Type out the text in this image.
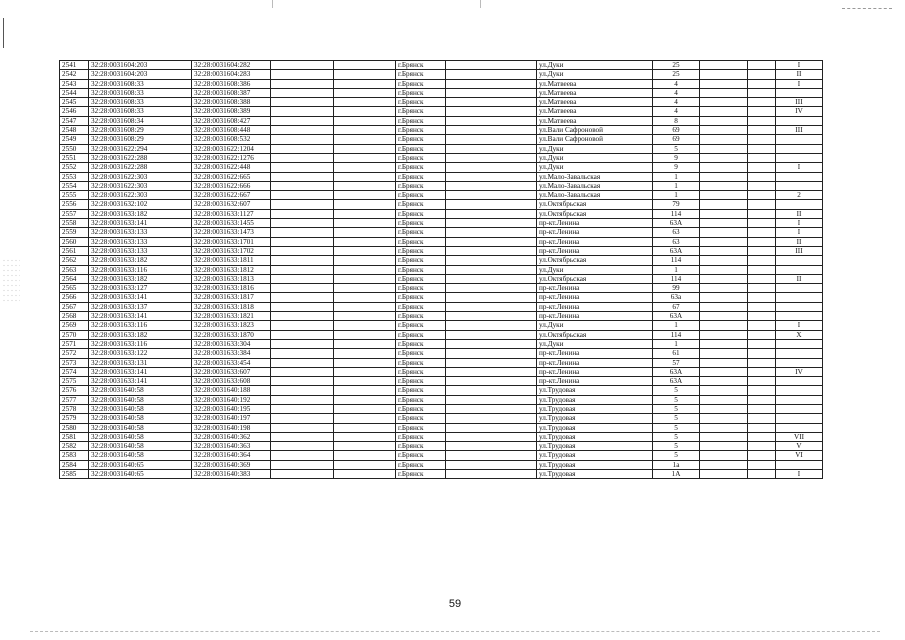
2541	32:28:0031604:203	32:28:0031604:282			г.Брянск		ул.Дуки	25			I
2542	32:28:0031604:203	32:28:0031604:283			г.Брянск		ул.Дуки	25			II
2543	32:28:0031608:33	32:28:0031608:386			г.Брянск		ул.Матвеева	4			I
2544	32:28:0031608:33	32:28:0031608:387			г.Брянск		ул.Матвеева	4			
2545	32:28:0031608:33	32:28:0031608:388			г.Брянск		ул.Матвеева	4			III
2546	32:28:0031608:33	32:28:0031608:389			г.Брянск		ул.Матвеева	4			IV
2547	32:28:0031608:34	32:28:0031608:427			г.Брянск		ул.Матвеева	8			
2548	32:28:0031608:29	32:28:0031608:448			г.Брянск		ул.Вали Сафроновой	69			III
2549	32:28:0031608:29	32:28:0031608:532			г.Брянск		ул.Вали Сафроновой	69			
2550	32:28:0031622:294	32:28:0031622:1204			г.Брянск		ул.Дуки	5			
2551	32:28:0031622:288	32:28:0031622:1276			г.Брянск		ул.Дуки	9			
2552	32:28:0031622:288	32:28:0031622:448			г.Брянск		ул.Дуки	9			I
2553	32:28:0031622:303	32:28:0031622:665			г.Брянск		ул.Мало-Завальская	1			
2554	32:28:0031622:303	32:28:0031622:666			г.Брянск		ул.Мало-Завальская	1			
2555	32:28:0031622:303	32:28:0031622:667			г.Брянск		ул.Мало-Завальская	1			2
2556	32:28:0031632:102	32:28:0031632:607			г.Брянск		ул.Октябрьская	79			
2557	32:28:0031633:182	32:28:0031633:1127			г.Брянск		ул.Октябрьская	114			II
2558	32:28:0031633:141	32:28:0031633:1455			г.Брянск		пр-кт.Ленина	63А			I
2559	32:28:0031633:133	32:28:0031633:1473			г.Брянск		пр-кт.Ленина	63			I
2560	32:28:0031633:133	32:28:0031633:1701			г.Брянск		пр-кт.Ленина	63			II
2561	32:28:0031633:133	32:28:0031633:1702			г.Брянск		пр-кт.Ленина	63А			III
2562	32:28:0031633:182	32:28:0031633:1811			г.Брянск		ул.Октябрьская	114			
2563	32:28:0031633:116	32:28:0031633:1812			г.Брянск		ул.Дуки	1			
2564	32:28:0031633:182	32:28:0031633:1813			г.Брянск		ул.Октябрьская	114			II
2565	32:28:0031633:127	32:28:0031633:1816			г.Брянск		пр-кт.Ленина	99			
2566	32:28:0031633:141	32:28:0031633:1817			г.Брянск		пр-кт.Ленина	63а			
2567	32:28:0031633:137	32:28:0031633:1818			г.Брянск		пр-кт.Ленина	67			
2568	32:28:0031633:141	32:28:0031633:1821			г.Брянск		пр-кт.Ленина	63А			
2569	32:28:0031633:116	32:28:0031633:1823			г.Брянск		ул.Дуки	1			I
2570	32:28:0031633:182	32:28:0031633:1870			г.Брянск		ул.Октябрьская	114			X
2571	32:28:0031633:116	32:28:0031633:304			г.Брянск		ул.Дуки	1			
2572	32:28:0031633:122	32:28:0031633:384			г.Брянск		пр-кт.Ленина	61			
2573	32:28:0031633:131	32:28:0031633:454			г.Брянск		пр-кт.Ленина	57			
2574	32:28:0031633:141	32:28:0031633:607			г.Брянск		пр-кт.Ленина	63А			IV
2575	32:28:0031633:141	32:28:0031633:608			г.Брянск		пр-кт.Ленина	63А			
2576	32:28:0031640:58	32:28:0031640:188			г.Брянск		ул.Трудовая	5			
2577	32:28:0031640:58	32:28:0031640:192			г.Брянск		ул.Трудовая	5			
2578	32:28:0031640:58	32:28:0031640:195			г.Брянск		ул.Трудовая	5			
2579	32:28:0031640:58	32:28:0031640:197			г.Брянск		ул.Трудовая	5			
2580	32:28:0031640:58	32:28:0031640:198			г.Брянск		ул.Трудовая	5			
2581	32:28:0031640:58	32:28:0031640:362			г.Брянск		ул.Трудовая	5			VII
2582	32:28:0031640:58	32:28:0031640:363			г.Брянск		ул.Трудовая	5			V
2583	32:28:0031640:58	32:28:0031640:364			г.Брянск		ул.Трудовая	5			VI
2584	32:28:0031640:65	32:28:0031640:369			г.Брянск		ул.Трудовая	1а			
2585	32:28:0031640:65	32:28:0031640:383			г.Брянск		ул.Трудовая	1А			I
59
